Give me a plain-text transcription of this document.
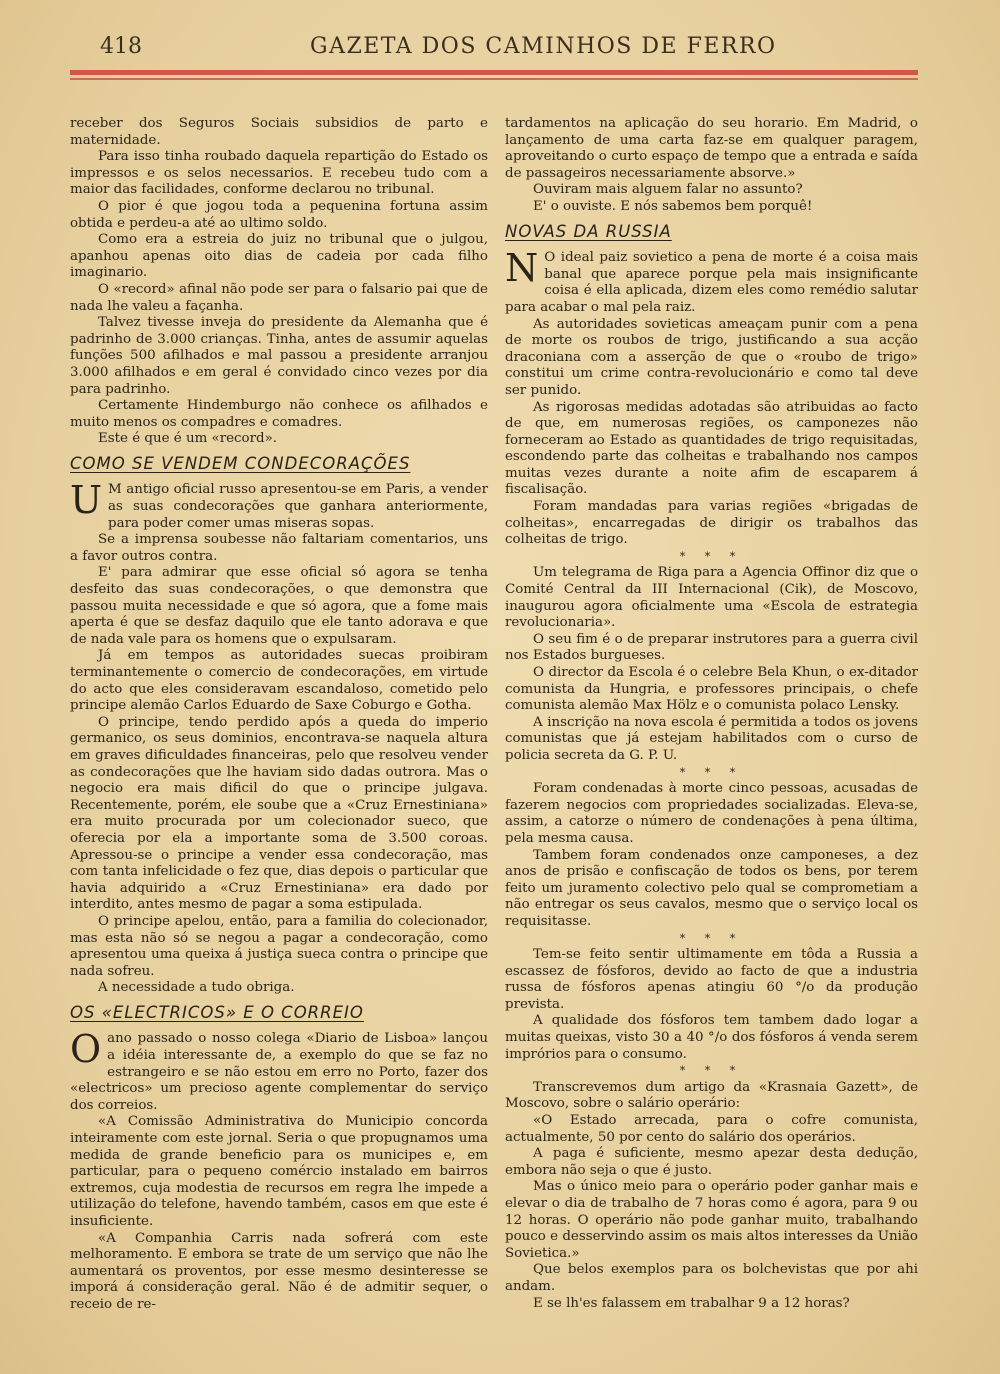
418	GAZETA DOS CAMINHOS DE FERRO

receber dos Seguros Sociais subsidios de parto e maternidade.

Para isso tinha roubado daquela repartição do Estado os impressos e os selos necessarios. E recebeu tudo com a maior das facilidades, conforme declarou no tribunal.

O pior é que jogou toda a pequenina fortuna assim obtida e perdeu-a até ao ultimo soldo.

Como era a estreia do juiz no tribunal que o julgou, apanhou apenas oito dias de cadeia por cada filho imaginario.

O «record» afinal não pode ser para o falsario pai que de nada lhe valeu a façanha.

Talvez tivesse inveja do presidente da Alemanha que é padrinho de 3.000 crianças. Tinha, antes de assumir aquelas funções 500 afilhados e mal passou a presidente arranjou 3.000 afilhados e em geral é convidado cinco vezes por dia para padrinho.

Certamente Hindemburgo não conhece os afilhados e muito menos os compadres e comadres.

Este é que é um «record».

COMO SE VENDEM CONDECORAÇÕES

U M antigo oficial russo apresentou-se em Paris, a vender as suas condecorações que ganhara anteriormente, para poder comer umas miseras sopas.

Se a imprensa soubesse não faltariam comentarios, uns a favor outros contra.

E' para admirar que esse oficial só agora se tenha desfeito das suas condecorações, o que demonstra que passou muita necessidade e que só agora, que a fome mais aperta é que se desfaz daquilo que ele tanto adorava e que de nada vale para os homens que o expulsaram.

Já em tempos as autoridades suecas proibiram terminantemente o comercio de condecorações, em virtude do acto que eles consideravam escandaloso, cometido pelo principe alemão Carlos Eduardo de Saxe Coburgo e Gotha.

O principe, tendo perdido após a queda do imperio germanico, os seus dominios, encontrava-se naquela altura em graves dificuldades financeiras, pelo que resolveu vender as condecorações que lhe haviam sido dadas outrora. Mas o negocio era mais dificil do que o principe julgava. Recentemente, porém, ele soube que a «Cruz Ernestiniana» era muito procurada por um colecionador sueco, que oferecia por ela a importante soma de 3.500 coroas. Apressou-se o principe a vender essa condecoração, mas com tanta infelicidade o fez que, dias depois o particular que havia adquirido a «Cruz Ernestiniana» era dado por interdito, antes mesmo de pagar a soma estipulada.

O principe apelou, então, para a familia do colecionador, mas esta não só se negou a pagar a condecoração, como apresentou uma queixa á justiça sueca contra o principe que nada sofreu.

A necessidade a tudo obriga.

OS «ELECTRICOS» E O CORREIO

Oano passado o nosso colega «Diario de Lisboa» lançou a idéia interessante de, a exemplo do que se faz no estrangeiro e se não estou em erro no Porto, fazer dos «electricos» um precioso agente complementar do serviço dos correios.

«A Comissão Administrativa do Municipio concorda inteiramente com este jornal. Seria o que propugnamos uma medida de grande beneficio para os municipes e, em particular, para o pequeno comércio instalado em bairros extremos, cuja modestia de recursos em regra lhe impede a utilização do telefone, havendo também, casos em que este é insuficiente.

«A Companhia Carris nada sofrerá com este melhoramento. E embora se trate de um serviço que não lhe aumentará os proventos, por esse mesmo desinteresse se imporá á consideração geral. Não é de admitir sequer, o receio de re-

tardamentos na aplicação do seu horario. Em Madrid, o lançamento de uma carta faz-se em qualquer paragem, aproveitando o curto espaço de tempo que a entrada e saída de passageiros necessariamente absorve.»

Ouviram mais alguem falar no assunto?

E' o ouviste. E nós sabemos bem porquê!

NOVAS DA RUSSIA

N O ideal paiz sovietico a pena de morte é a coisa mais banal que aparece porque pela mais insignificante coisa é ella aplicada, dizem eles como remédio salutar para acabar o mal pela raiz.

As autoridades sovieticas ameaçam punir com a pena de morte os roubos de trigo, justificando a sua acção draconiana com a asserção de que o «roubo de trigo» constitui um crime contra-revolucionário e como tal deve ser punido.

As rigorosas medidas adotadas são atribuidas ao facto de que, em numerosas regiões, os camponezes não forneceram ao Estado as quantidades de trigo requisitadas, escondendo parte das colheitas e trabalhando nos campos muitas vezes durante a noite afim de escaparem á fiscalisação.

Foram mandadas para varias regiões «brigadas de colheitas», encarregadas de dirigir os trabalhos das colheitas de trigo.

* * *

Um telegrama de Riga para a Agencia Offinor diz que o Comité Central da III Internacional (Cik), de Moscovo, inaugurou agora oficialmente uma «Escola de estrategia revolucionaria».

O seu fim é o de preparar instrutores para a guerra civil nos Estados burgueses.

O director da Escola é o celebre Bela Khun, o ex-ditador comunista da Hungria, e professores principais, o chefe comunista alemão Max Hölz e o comunista polaco Lensky.

A inscrição na nova escola é permitida a todos os jovens comunistas que já estejam habilitados com o curso de policia secreta da G. P. U.

* * *

Foram condenadas à morte cinco pessoas, acusadas de fazerem negocios com propriedades socializadas. Eleva-se, assim, a catorze o número de condenações à pena última, pela mesma causa.

Tambem foram condenados onze camponeses, a dez anos de prisão e confiscação de todos os bens, por terem feito um juramento colectivo pelo qual se comprometiam a não entregar os seus cavalos, mesmo que o serviço local os requisitasse.

* * *

Tem-se feito sentir ultimamente em tôda a Russia a escassez de fósforos, devido ao facto de que a industria russa de fósforos apenas atingiu 60 °/o da produção prevista.

A qualidade dos fósforos tem tambem dado logar a muitas queixas, visto 30 a 40 °/o dos fósforos á venda serem imprórios para o consumo.

* * *

Transcrevemos dum artigo da «Krasnaia Gazett», de Moscovo, sobre o salário operário:

«O Estado arrecada, para o cofre comunista, actualmente, 50 por cento do salário dos operários.

A paga é suficiente, mesmo apezar desta dedução, embora não seja o que é justo.

Mas o único meio para o operário poder ganhar mais e elevar o dia de trabalho de 7 horas como é agora, para 9 ou 12 horas. O operário não pode ganhar muito, trabalhando pouco e desservindo assim os mais altos interesses da União Sovietica.»

Que belos exemplos para os bolchevistas que por ahi andam.

E se lh'es falassem em trabalhar 9 a 12 horas?
